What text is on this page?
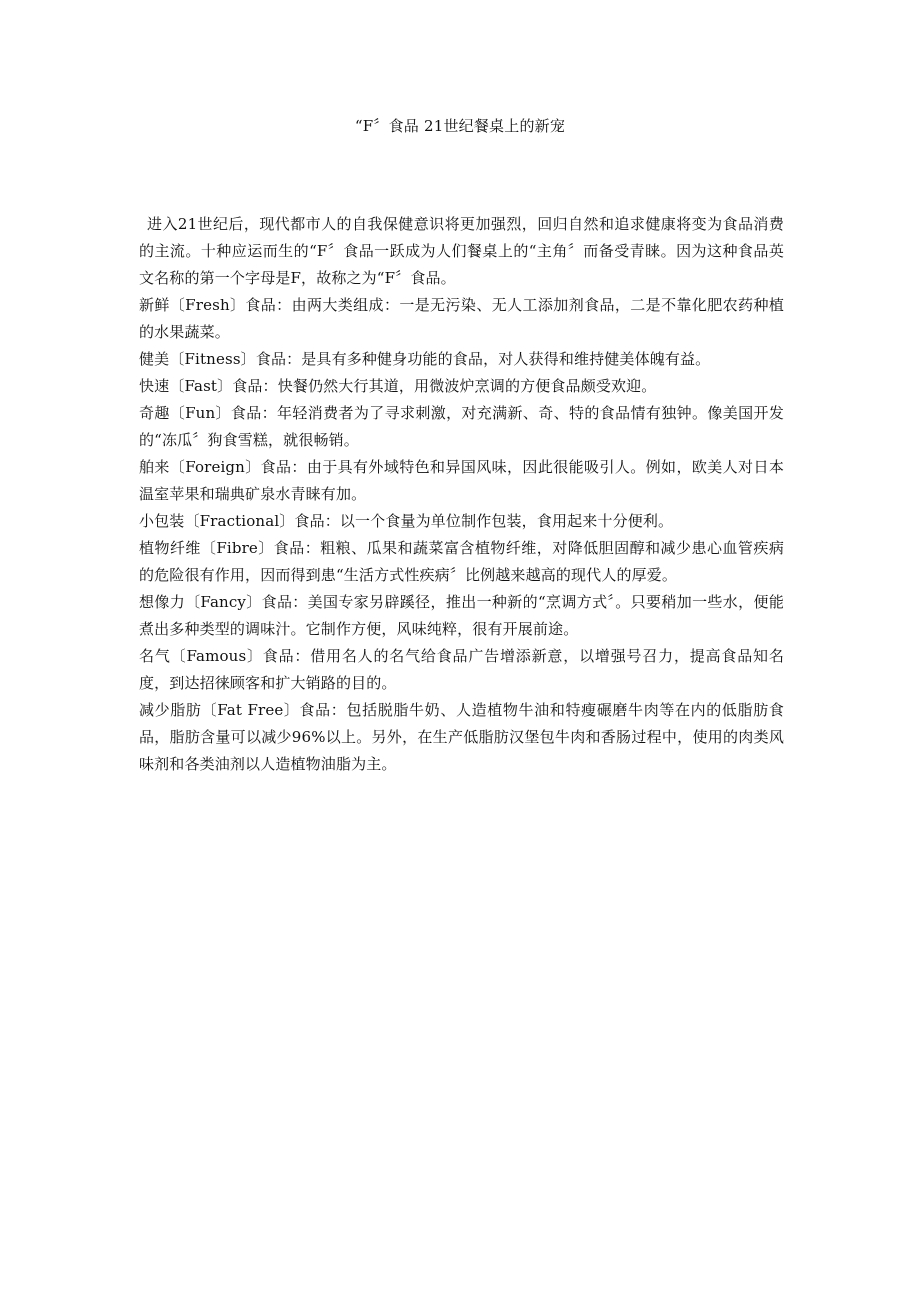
“F〞食品 21世纪餐桌上的新宠

进入21世纪后，现代都市人的自我保健意识将更加强烈，回归自然和追求健康将变为食品消费的主流。十种应运而生的“F〞食品一跃成为人们餐桌上的“主角〞而备受青睐。因为这种食品英文名称的第一个字母是F，故称之为“F〞食品。

新鲜〔Fresh〕食品：由两大类组成：一是无污染、无人工添加剂食品，二是不靠化肥农药种植的水果蔬菜。

健美〔Fitness〕食品：是具有多种健身功能的食品，对人获得和维持健美体魄有益。

快速〔Fast〕食品：快餐仍然大行其道，用微波炉烹调的方便食品颇受欢迎。

奇趣〔Fun〕食品：年轻消费者为了寻求刺激，对充满新、奇、特的食品情有独钟。像美国开发的“冻瓜〞狗食雪糕，就很畅销。

舶来〔Foreign〕食品：由于具有外域特色和异国风味，因此很能吸引人。例如，欧美人对日本温室苹果和瑞典矿泉水青睐有加。

小包装〔Fractional〕食品：以一个食量为单位制作包装，食用起来十分便利。

植物纤维〔Fibre〕食品：粗粮、瓜果和蔬菜富含植物纤维，对降低胆固醇和减少患心血管疾病的危险很有作用，因而得到患“生活方式性疾病〞比例越来越高的现代人的厚爱。

想像力〔Fancy〕食品：美国专家另辟蹊径，推出一种新的“烹调方式〞。只要稍加一些水，便能煮出多种类型的调味汁。它制作方便，风味纯粹，很有开展前途。

名气〔Famous〕食品：借用名人的名气给食品广告增添新意，以增强号召力，提高食品知名度，到达招徕顾客和扩大销路的目的。

减少脂肪〔Fat Free〕食品：包括脱脂牛奶、人造植物牛油和特瘦碾磨牛肉等在内的低脂肪食品，脂肪含量可以减少96%以上。另外，在生产低脂肪汉堡包牛肉和香肠过程中，使用的肉类风味剂和各类油剂以人造植物油脂为主。
